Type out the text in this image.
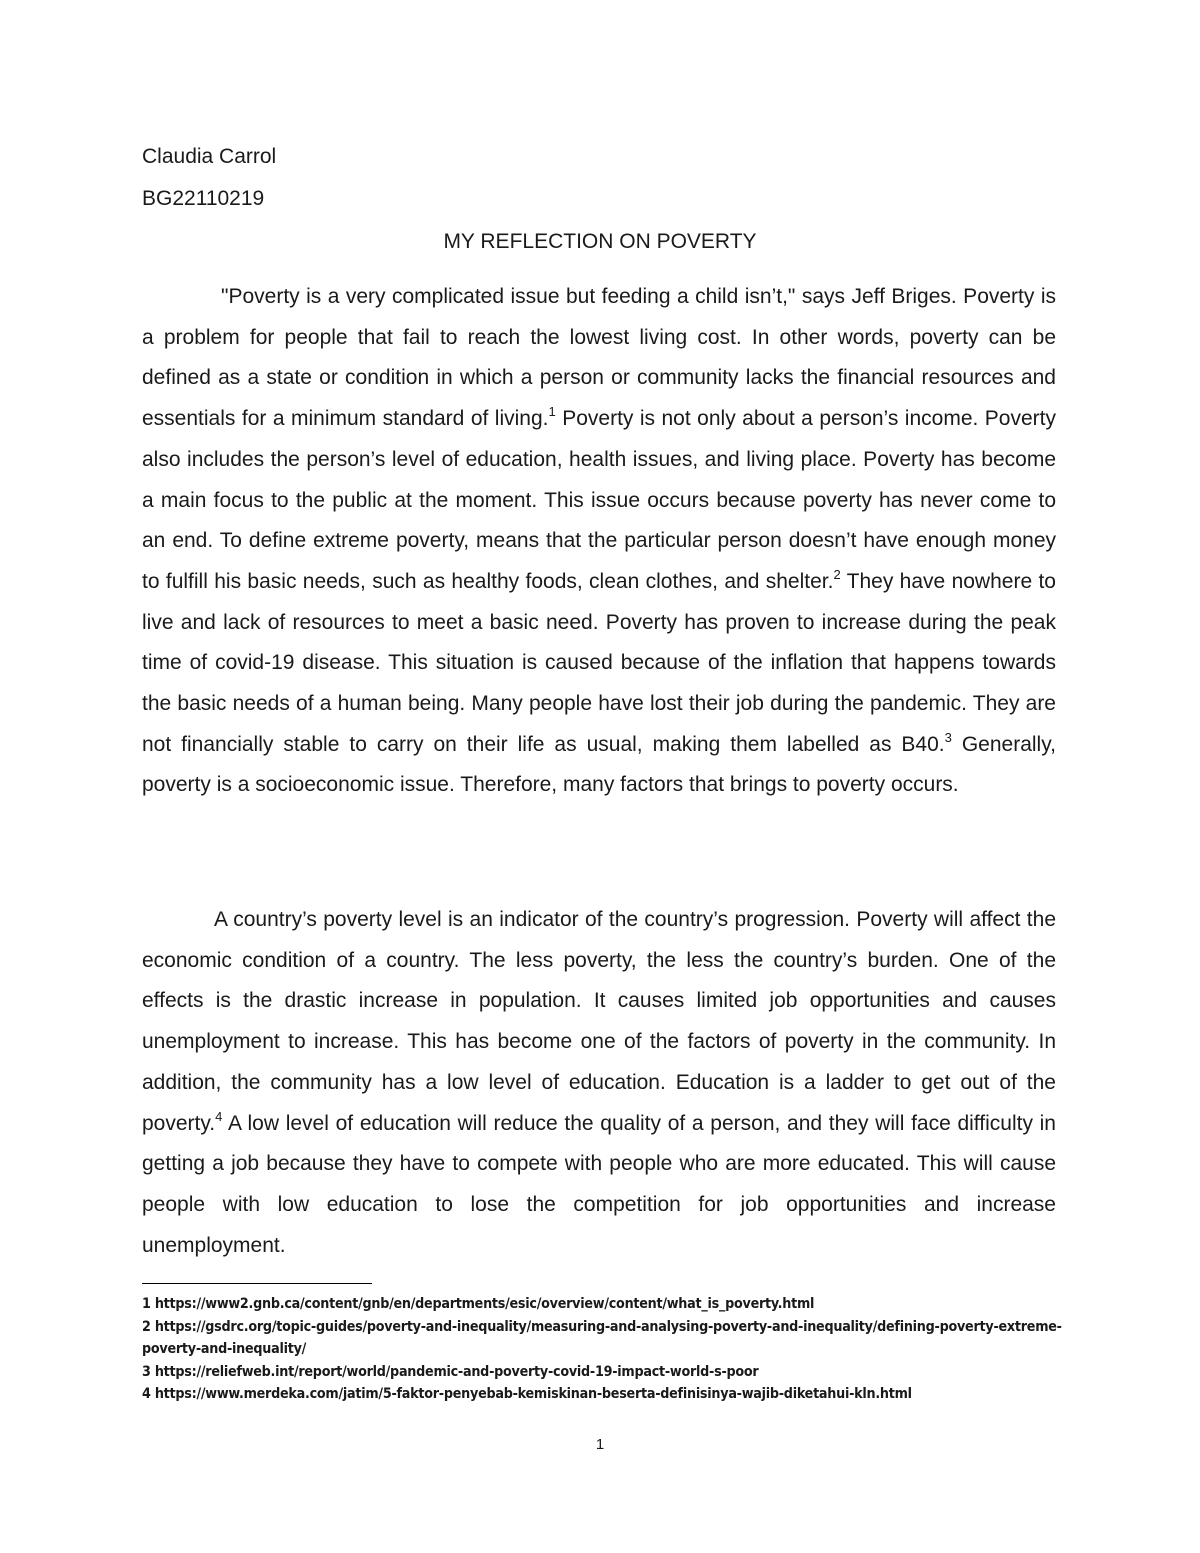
Claudia Carrol
BG22110219
MY REFLECTION ON POVERTY

"Poverty is a very complicated issue but feeding a child isn’t," says Jeff Briges. Poverty is a problem for people that fail to reach the lowest living cost. In other words, poverty can be defined as a state or condition in which a person or community lacks the financial resources and essentials for a minimum standard of living.$^1$ Poverty is not only about a person’s income. Poverty also includes the person’s level of education, health issues, and living place. Poverty has become a main focus to the public at the moment. This issue occurs because poverty has never come to an end. To define extreme poverty, means that the particular person doesn’t have enough money to fulfill his basic needs, such as healthy foods, clean clothes, and shelter.$^2$ They have nowhere to live and lack of resources to meet a basic need. Poverty has proven to increase during the peak time of covid-19 disease. This situation is caused because of the inflation that happens towards the basic needs of a human being. Many people have lost their job during the pandemic. They are not financially stable to carry on their life as usual, making them labelled as B40.$^3$ Generally, poverty is a socioeconomic issue. Therefore, many factors that brings to poverty occurs.

A country’s poverty level is an indicator of the country’s progression. Poverty will affect the economic condition of a country. The less poverty, the less the country’s burden. One of the effects is the drastic increase in population. It causes limited job opportunities and causes unemployment to increase. This has become one of the factors of poverty in the community. In addition, the community has a low level of education. Education is a ladder to get out of the poverty.$^4$ A low level of education will reduce the quality of a person, and they will face difficulty in getting a job because they have to compete with people who are more educated. This will cause people with low education to lose the competition for job opportunities and increase unemployment.

1 https://www2.gnb.ca/content/gnb/en/departments/esic/overview/content/what_is_poverty.html

2 https://gsdrc.org/topic-guides/poverty-and-inequality/measuring-and-analysing-poverty-and-inequality/defining-poverty-extreme-poverty-and-inequality/

3 https://reliefweb.int/report/world/pandemic-and-poverty-covid-19-impact-world-s-poor

4 https://www.merdeka.com/jatim/5-faktor-penyebab-kemiskinan-beserta-definisinya-wajib-diketahui-kln.html

1
